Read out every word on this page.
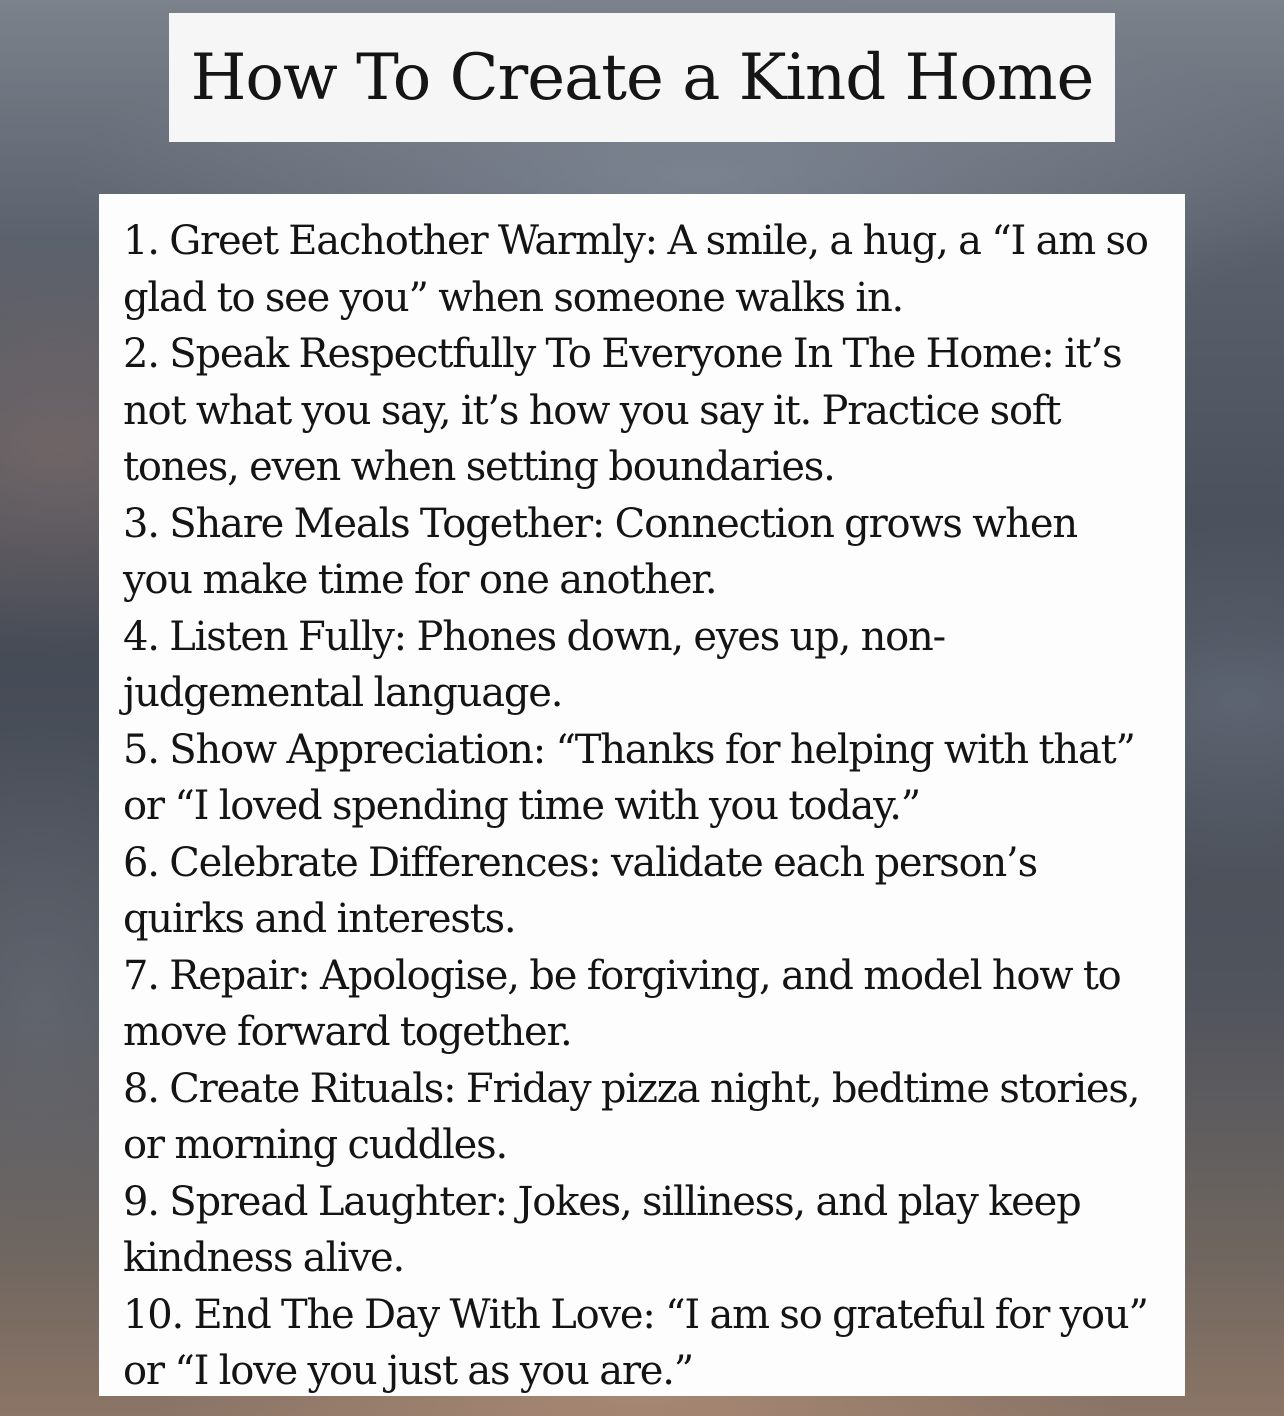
How To Create a Kind Home
1. Greet Eachother Warmly: A smile, a hug, a “I am so glad to see you” when someone walks in.
2. Speak Respectfully To Everyone In The Home: it’s not what you say, it’s how you say it. Practice soft tones, even when setting boundaries.
3. Share Meals Together: Connection grows when you make time for one another.
4. Listen Fully: Phones down, eyes up, non-judgemental language.
5. Show Appreciation: “Thanks for helping with that” or “I loved spending time with you today.”
6. Celebrate Differences: validate each person’s quirks and interests.
7. Repair: Apologise, be forgiving, and model how to move forward together.
8. Create Rituals: Friday pizza night, bedtime stories, or morning cuddles.
9. Spread Laughter: Jokes, silliness, and play keep kindness alive.
10. End The Day With Love: “I am so grateful for you” or “I love you just as you are.”
